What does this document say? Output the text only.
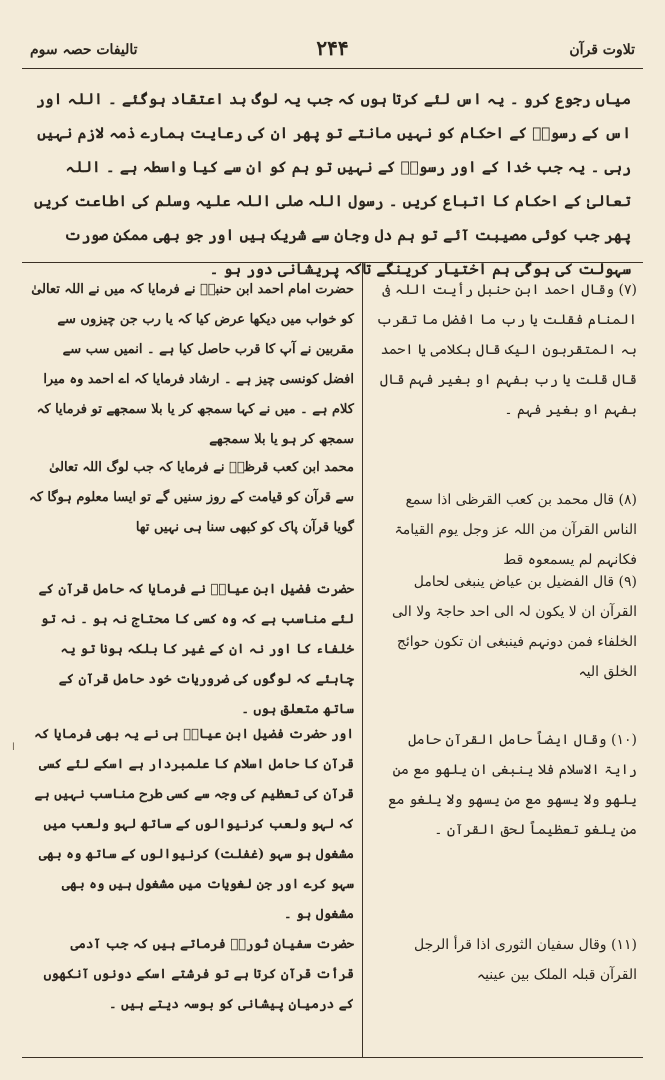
تالیفات حصہ سوم	۲۴۴	تلاوت قرآن

میاں رجوع کرو ۔ یہ اس لئے کرتا ہوں کہ جب یہ لوگ بد اعتقاد ہوگئے ۔ اللہ اور اس کے رسولؐ کے احکام کو نہیں مانتے تو پھر ان کی رعایت ہمارے ذمہ لازم نہیں رہی ۔ یہ جب خدا کے اور رسولؐ کے نہیں تو ہم کو ان سے کیا واسطہ ہے ۔ اللہ تعالیٰ کے احکام کا اتباع کریں ۔ رسول اللہ صلی اللہ علیہ وسلم کی اطاعت کریں پھر جب کوئی مصیبت آئے تو ہم دل وجان سے شریک ہیں اور جو بھی ممکن صورت سہولت کی ہوگی ہم اختیار کرینگے تاکہ پریشانی دور ہو ۔

(۷) وقال احمد ابن حنبل رأیت اللہ فی المنام فقلت یا رب ما افضل ما تقرب بہ المتقربون الیک قال بکلامی یا احمد قال قلت یا رب بفہم او بغیر فہم قال بفہم او بغیر فہم ۔

(۸) قال محمد بن کعب القرظی اذا سمع الناس القرآن من اللہ عز وجل یوم القیامۃ فکانہم لم یسمعوہ قط

(۹) قال الفضیل بن عیاض ینبغی لحامل القرآن ان لا یکون لہ الی احد حاجۃ ولا الی الخلفاء فمن دونہم فینبغی ان تکون حوائج الخلق الیہ

(۱۰) وقال ایضاً حامل القرآن حامل رایۃ الاسلام فلا ینبغی ان یلھو مع من یلھو ولا یسھو مع من یسھو ولا یلغو مع من یلغو تعظیماً لحق القرآن ۔

(۱۱) وقال سفیان الثوری اذا قرأ الرجل القرآن قبلہ الملک بین عینیہ

حضرت امام احمد ابن حنبلؒ نے فرمایا کہ میں نے اللہ تعالیٰ کو خواب میں دیکھا عرض کیا کہ یا رب جن چیزوں سے مقربین نے آپ کا قرب حاصل کیا ہے ۔ انمیں سب سے افضل کونسی چیز ہے ۔ ارشاد فرمایا کہ اے احمد وہ میرا کلام ہے ۔ میں نے کہا سمجھ کر یا بلا سمجھے تو فرمایا کہ سمجھ کر ہو یا بلا سمجھے

محمد ابن کعب قرظیؒ نے فرمایا کہ جب لوگ اللہ تعالیٰ سے قرآن کو قیامت کے روز سنیں گے تو ایسا معلوم ہوگا کہ گویا قرآن پاک کو کبھی سنا ہی نہیں تھا

حضرت فضیل ابن عیاضؒ نے فرمایا کہ حامل قرآن کے لئے مناسب ہے کہ وہ کسی کا محتاج نہ ہو ۔ نہ تو خلفاء کا اور نہ ان کے غیر کا بلکہ ہونا تو یہ چاہئے کہ لوگوں کی ضروریات خود حامل قرآن کے ساتھ متعلق ہوں ۔

اور حضرت فضیل ابن عیاضؒ ہی نے یہ بھی فرمایا کہ قرآن کا حامل اسلام کا علمبردار ہے اسکے لئے کسی قرآن کی تعظیم کی وجہ سے کسی طرح مناسب نہیں ہے کہ لہو ولعب کرنیوالوں کے ساتھ لہو ولعب میں مشغول ہو سہو (غفلت) کرنیوالوں کے ساتھ وہ بھی سہو کرے اور جن لغویات میں مشغول ہیں وہ بھی مشغول ہو ۔

حضرت سفیان ثوریؒ فرماتے ہیں کہ جب آدمی قرأت قرآن کرتا ہے تو فرشتے اسکے دونوں آنکھوں کے درمیان پیشانی کو بوسہ دیتے ہیں ۔

ا
